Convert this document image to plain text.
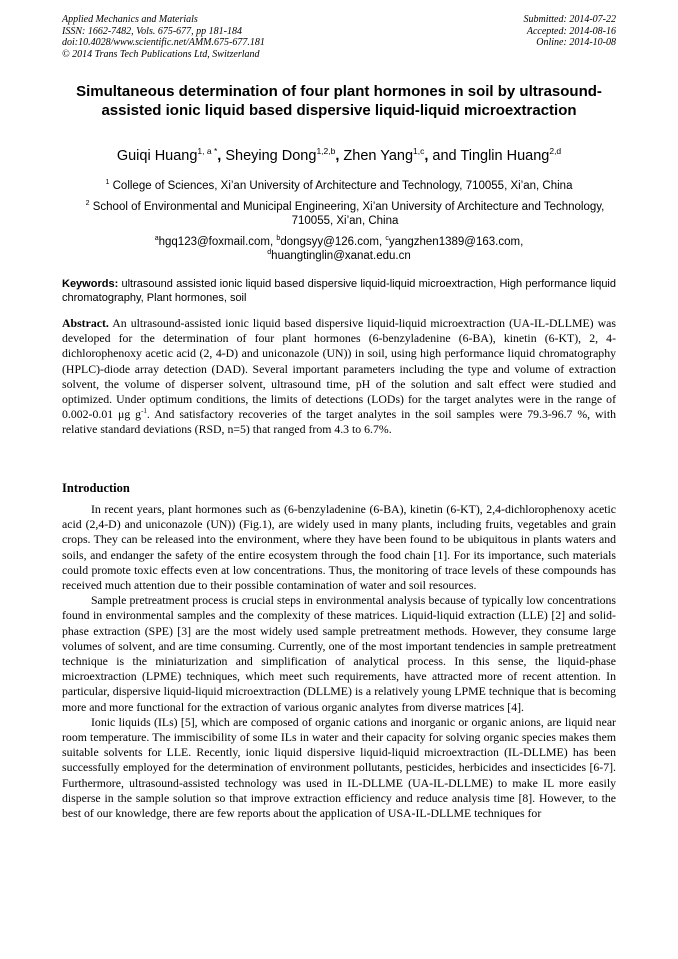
Applied Mechanics and Materials
ISSN: 1662-7482, Vols. 675-677, pp 181-184
doi:10.4028/www.scientific.net/AMM.675-677.181
© 2014 Trans Tech Publications Ltd, Switzerland
Submitted: 2014-07-22
Accepted: 2014-08-16
Online: 2014-10-08
Simultaneous determination of four plant hormones in soil by ultrasound-assisted ionic liquid based dispersive liquid-liquid microextraction
Guiqi Huang$^{1, a *}$, Sheying Dong$^{1,2,b}$, Zhen Yang$^{1,c}$, and Tinglin Huang$^{2,d}$
$^1$ College of Sciences, Xi’an University of Architecture and Technology, 710055, Xi’an, China
$^2$ School of Environmental and Municipal Engineering, Xi’an University of Architecture and Technology, 710055, Xi’an, China
$^a$hgq123@foxmail.com, $^b$dongsyy@126.com, $^c$yangzhen1389@163.com,
$^d$huangtinglin@xanat.edu.cn
Keywords: ultrasound assisted ionic liquid based dispersive liquid-liquid microextraction, High performance liquid chromatography, Plant hormones, soil
Abstract. An ultrasound-assisted ionic liquid based dispersive liquid-liquid microextraction (UA-IL-DLLME) was developed for the determination of four plant hormones (6-benzyladenine (6-BA), kinetin (6-KT), 2, 4-dichlorophenoxy acetic acid (2, 4-D) and uniconazole (UN)) in soil, using high performance liquid chromatography (HPLC)-diode array detection (DAD). Several important parameters including the type and volume of extraction solvent, the volume of disperser solvent, ultrasound time, pH of the solution and salt effect were studied and optimized. Under optimum conditions, the limits of detections (LODs) for the target analytes were in the range of 0.002-0.01 μg $g^{-1}$. And satisfactory recoveries of the target analytes in the soil samples were 79.3-96.7 %, with relative standard deviations (RSD, n=5) that ranged from 4.3 to 6.7%.
Introduction

In recent years, plant hormones such as (6-benzyladenine (6-BA), kinetin (6-KT), 2,4-dichlorophenoxy acetic acid (2,4-D) and uniconazole (UN)) (Fig.1), are widely used in many plants, including fruits, vegetables and grain crops. They can be released into the environment, where they have been found to be ubiquitous in plants waters and soils, and endanger the safety of the entire ecosystem through the food chain [1]. For its importance, such materials could promote toxic effects even at low concentrations. Thus, the monitoring of trace levels of these compounds has received much attention due to their possible contamination of water and soil resources.

Sample pretreatment process is crucial steps in environmental analysis because of typically low concentrations found in environmental samples and the complexity of these matrices. Liquid-liquid extraction (LLE) [2] and solid-phase extraction (SPE) [3] are the most widely used sample pretreatment methods. However, they consume large volumes of solvent, and are time consuming. Currently, one of the most important tendencies in sample pretreatment technique is the miniaturization and simplification of analytical process. In this sense, the liquid-phase microextraction (LPME) techniques, which meet such requirements, have attracted more of recent attention. In particular, dispersive liquid-liquid microextraction (DLLME) is a relatively young LPME technique that is becoming more and more functional for the extraction of various organic analytes from diverse matrices [4].

Ionic liquids (ILs) [5], which are composed of organic cations and inorganic or organic anions, are liquid near room temperature. The immiscibility of some ILs in water and their capacity for solving organic species makes them suitable solvents for LLE. Recently, ionic liquid dispersive liquid-liquid microextraction (IL-DLLME) has been successfully employed for the determination of environment pollutants, pesticides, herbicides and insecticides [6-7]. Furthermore, ultrasound-assisted technology was used in IL-DLLME (UA-IL-DLLME) to make IL more easily disperse in the sample solution so that improve extraction efficiency and reduce analysis time [8]. However, to the best of our knowledge, there are few reports about the application of USA-IL-DLLME techniques for
